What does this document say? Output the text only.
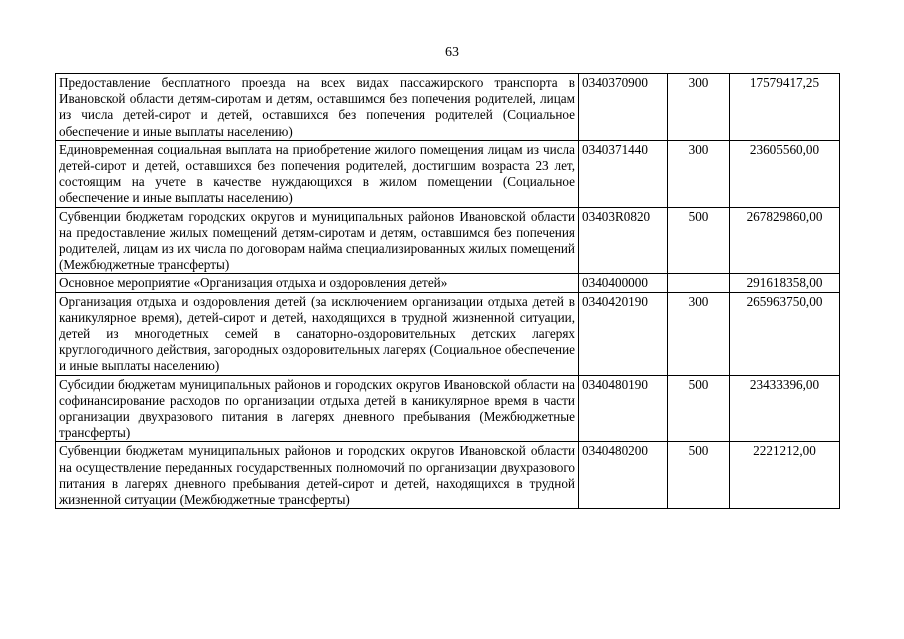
63
Предоставление бесплатного проезда на всех видах пассажирского транспорта в Ивановской области детям-сиротам и детям, оставшимся без попечения родителей, лицам из числа детей-сирот и детей, оставшихся без попечения родителей (Социальное обеспечение и иные выплаты населению)	0340370900	300	17579417,25
Единовременная социальная выплата на приобретение жилого помещения лицам из числа детей-сирот и детей, оставшихся без попечения родителей, достигшим возраста 23 лет, состоящим на учете в качестве нуждающихся в жилом помещении (Социальное обеспечение и иные выплаты населению)	0340371440	300	23605560,00
Субвенции бюджетам городских округов и муниципальных районов Ивановской области на предоставление жилых помещений детям-сиротам и детям, оставшимся без попечения родителей, лицам из их числа по договорам найма специализированных жилых помещений (Межбюджетные трансферты)	03403R0820	500	267829860,00
Основное мероприятие «Организация отдыха и оздоровления детей»	0340400000		291618358,00
Организация отдыха и оздоровления детей (за исключением организации отдыха детей в каникулярное время), детей-сирот и детей, находящихся в трудной жизненной ситуации, детей из многодетных семей в санаторно-оздоровительных детских лагерях круглогодичного действия, загородных оздоровительных лагерях (Социальное обеспечение и иные выплаты населению)	0340420190	300	265963750,00
Субсидии бюджетам муниципальных районов и городских округов Ивановской области на софинансирование расходов по организации отдыха детей в каникулярное время в части организации двухразового питания в лагерях дневного пребывания (Межбюджетные трансферты)	0340480190	500	23433396,00
Субвенции бюджетам муниципальных районов и городских округов Ивановской области на осуществление переданных государственных полномочий по организации двухразового питания в лагерях дневного пребывания детей-сирот и детей, находящихся в трудной жизненной ситуации (Межбюджетные трансферты)	0340480200	500	2221212,00
